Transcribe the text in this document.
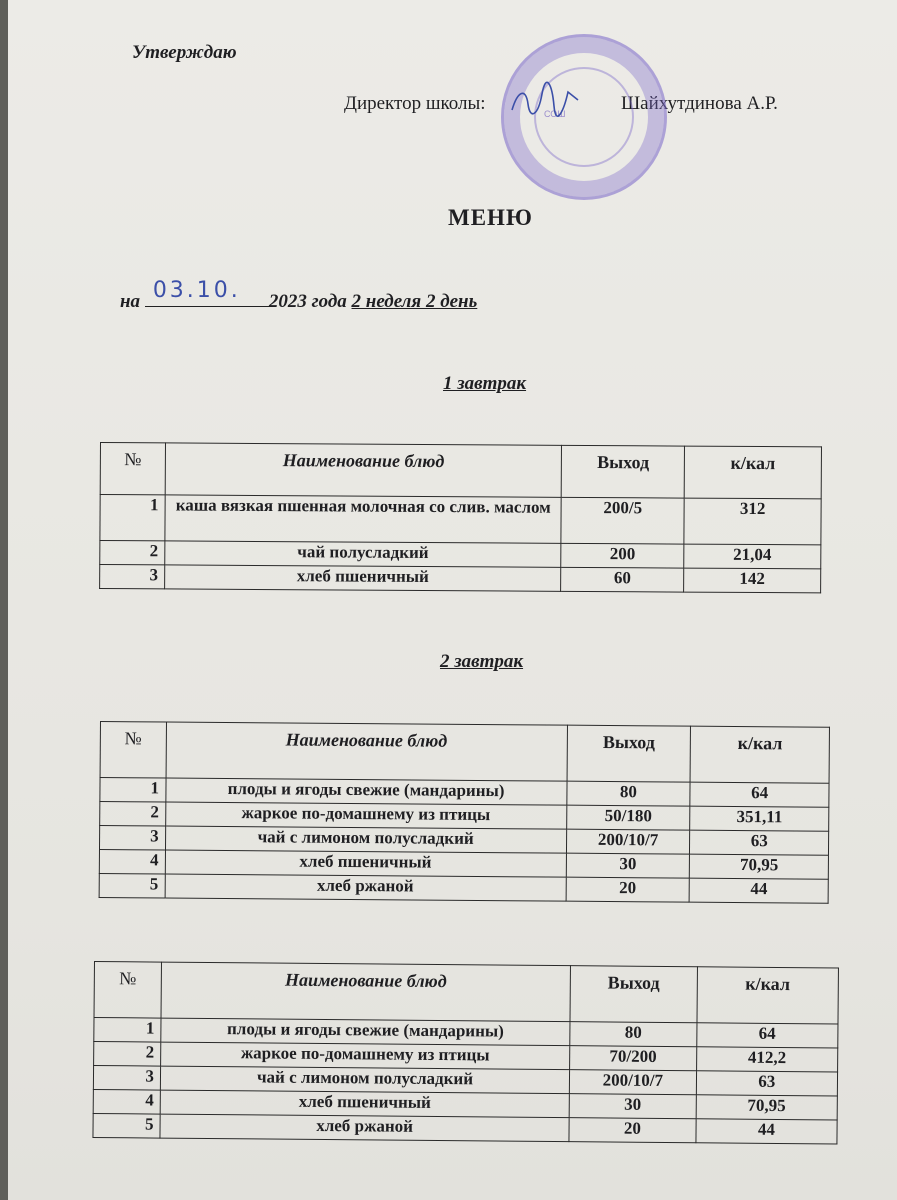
Утверждаю
Директор школы:	Шайхутдинова А.Р.
СОШ
МЕНЮ
на 03.10. 2023 года 2 неделя 2 день
1 завтрак
№	Наименование блюд	Выход	к/кал
1	каша вязкая пшенная молочная со слив. маслом	200/5	312
2	чай полусладкий	200	21,04
3	хлеб пшеничный	60	142
2 завтрак
№	Наименование блюд	Выход	к/кал
1	плоды и ягоды свежие (мандарины)	80	64
2	жаркое по-домашнему из птицы	50/180	351,11
3	чай с лимоном полусладкий	200/10/7	63
4	хлеб пшеничный	30	70,95
5	хлеб ржаной	20	44
№	Наименование блюд	Выход	к/кал
1	плоды и ягоды свежие (мандарины)	80	64
2	жаркое по-домашнему из птицы	70/200	412,2
3	чай с лимоном полусладкий	200/10/7	63
4	хлеб пшеничный	30	70,95
5	хлеб ржаной	20	44
